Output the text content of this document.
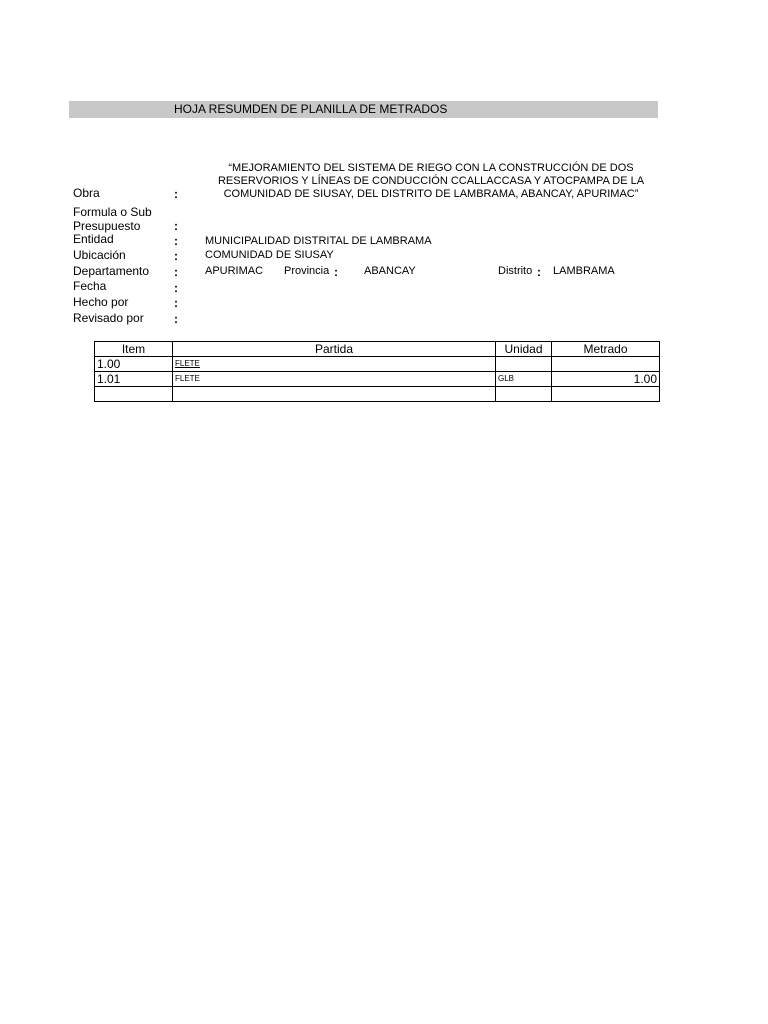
HOJA RESUMDEN DE PLANILLA DE METRADOS
“MEJORAMIENTO DEL SISTEMA DE RIEGO CON LA CONSTRUCCIÓN DE DOS RESERVORIOS Y LÍNEAS DE CONDUCCIÓN CCALLACCASA Y ATOCPAMPA DE LA COMUNIDAD DE SIUSAY, DEL DISTRITO DE LAMBRAMA, ABANCAY, APURIMAC”
Obra	:
Formula o Sub
Presupuesto	:
Entidad	: MUNICIPALIDAD DISTRITAL DE LAMBRAMA
Ubicación	: COMUNIDAD DE SIUSAY
Departamento : APURIMAC Provincia : ABANCAY	Distrito : LAMBRAMA
Fecha	:
Hecho por	:
Revisado por	:
Item	Partida	Unidad	Metrado
1.00	FLETE		
1.01	FLETE	GLB	1.00
